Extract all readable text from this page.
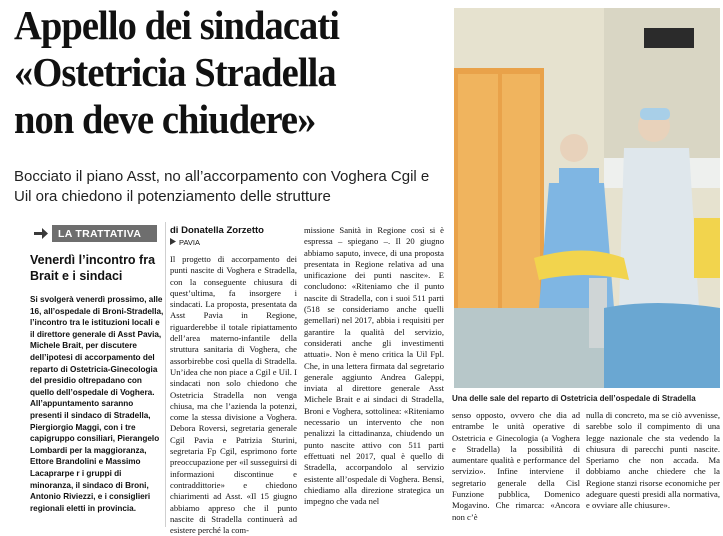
Appello dei sindacati
«Ostetricia Stradella
non deve chiudere»

Bocciato il piano Asst, no all’accorpamento con Voghera Cgil e Uil ora chiedono il potenziamento delle strutture

Una delle sale del reparto di Ostetricia dell’ospedale di Stradella
LA TRATTATIVA
Venerdì l’incontro fra Brait e i sindaci

Si svolgerà venerdì prossimo, alle 16, all’ospedale di Broni-Stradella, l’incontro tra le istituzioni locali e il direttore generale di Asst Pavia, Michele Brait, per discutere dell’ipotesi di accorpamento del reparto di Ostetricia-Ginecologia del presidio oltrepadano con quello dell’ospedale di Voghera. All’appuntamento saranno presenti il sindaco di Stradella, Piergiorgio Maggi, con i tre capigruppo consiliari, Pierangelo Lombardi per la maggioranza, Ettore Brandolini e Massimo Lacaprarpe r i gruppi di minoranza, il sindaco di Broni, Antonio Riviezzi, e i consiglieri regionali eletti in provincia.

di Donatella Zorzetto
PAVIA

Il progetto di accorpamento dei punti nascite di Voghera e Stradella, con la conseguente chiusura di quest’ultima, fa insorgere i sindacati. La proposta, presentata da Asst Pavia in Regione, riguarderebbe il totale ripiattamento dell’area materno-infantile della struttura sanitaria di Voghera, che assorbirebbe così quella di Stradella. Un’idea che non piace a Cgil e Uil. I sindacati non solo chiedono che Ostetricia Stradella non venga chiusa, ma che l’azienda la potenzi, come la stessa divisione a Voghera. Debora Roversi, segretaria generale Cgil Pavia e Patrizia Sturini, segretaria Fp Cgil, esprimono forte preoccupazione per «il susseguirsi di informazioni discontinue e contraddittorie» e chiedono chiarimenti ad Asst. «Il 15 giugno abbiamo appreso che il punto nascite di Stradella continuerà ad esistere perché la com-

missione Sanità in Regione così si è espressa – spiegano –. Il 20 giugno abbiamo saputo, invece, di una proposta presentata in Regione relativa ad una unificazione dei punti nascite». E concludono: «Riteniamo che il punto nascite di Stradella, con i suoi 511 parti (518 se consideriamo anche quelli gemellari) nel 2017, abbia i requisiti per garantire la qualità del servizio, considerati anche gli investimenti attuati». Non è meno critica la Uil Fpl. Che, in una lettera firmata dal segretario generale aggiunto Andrea Galeppi, inviata al direttore generale Asst Michele Brait e ai sindaci di Stradella, Broni e Voghera, sottolinea: «Riteniamo necessario un intervento che non penalizzi la cittadinanza, chiudendo un punto nascite attivo con 511 parti effettuati nel 2017, qual è quello di Stradella, accorpandolo al servizio esistente all’ospedale di Voghera. Bensì, chiediamo alla direzione strategica un impegno che vada nel

senso opposto, ovvero che dia ad entrambe le unità operative di Ostetricia e Ginecologia (a Voghera e Stradella) la possibilità di aumentare qualità e performance del servizio». Infine interviene il segretario generale della Cisl Funzione pubblica, Domenico Mogavino. Che rimarca: «Ancora non c’è

nulla di concreto, ma se ciò avvenisse, sarebbe solo il compimento di una legge nazionale che sta vedendo la chiusura di parecchi punti nascite. Speriamo che non accada. Ma dobbiamo anche chiedere che la Regione stanzi risorse economiche per adeguare questi presidi alla normativa, e ovviare alle chiusure».
